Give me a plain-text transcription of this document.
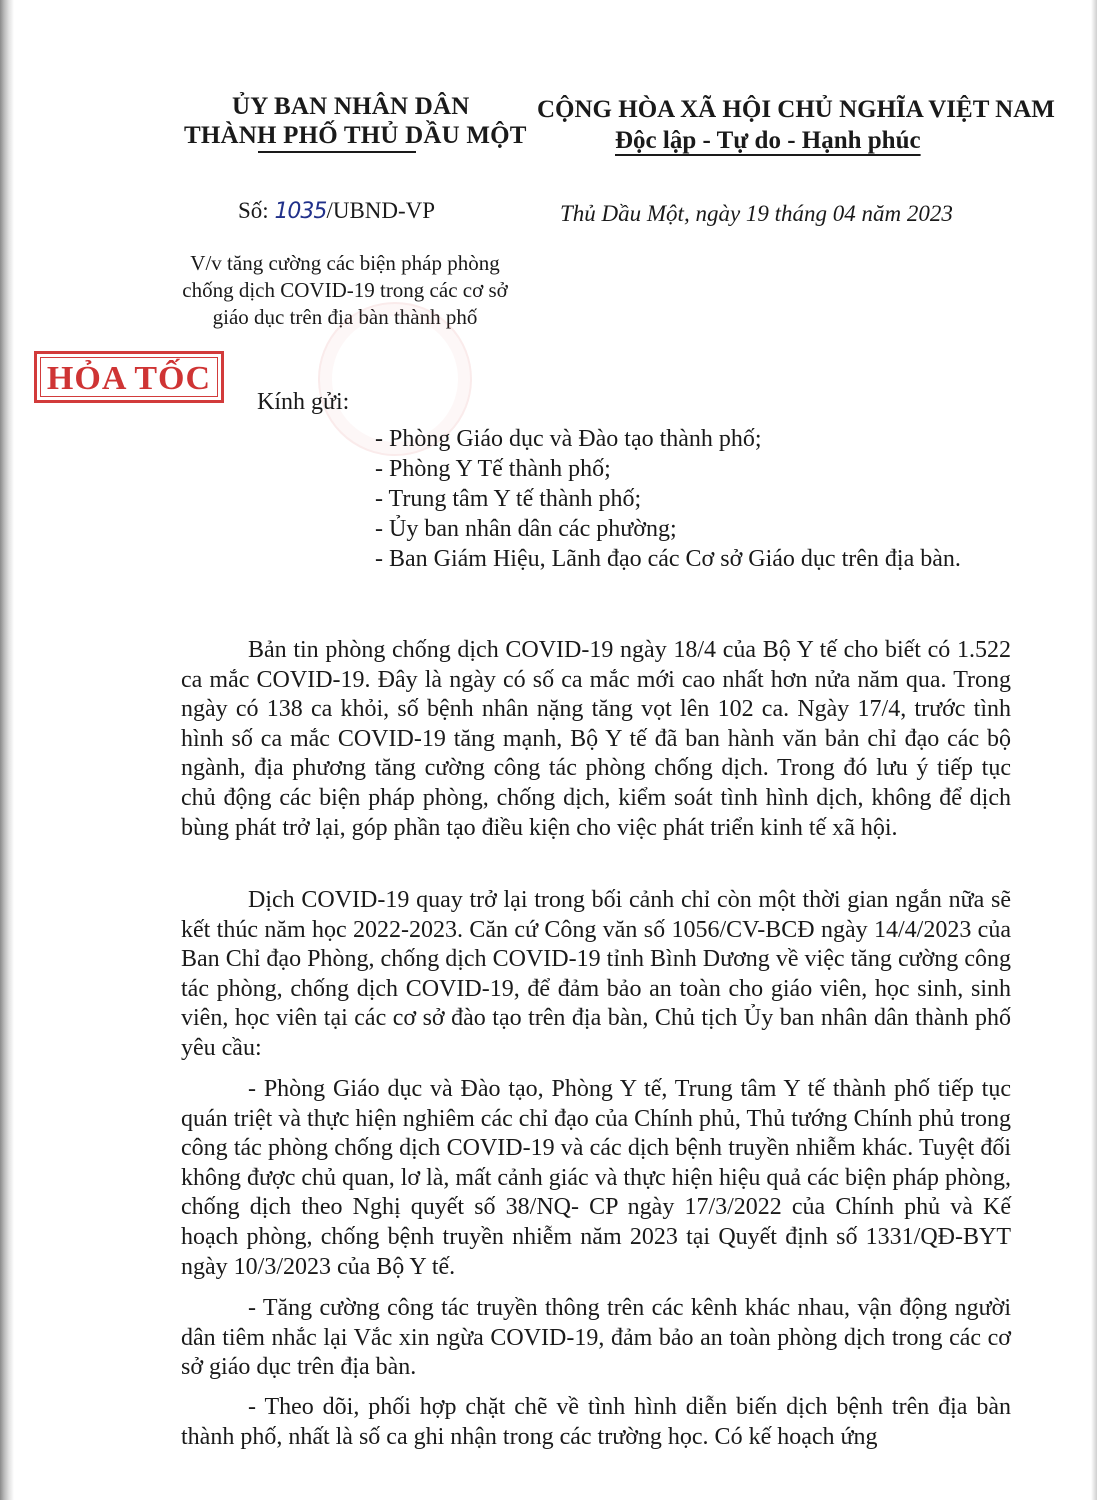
ỦY BAN NHÂN DÂN
THÀNH PHỐ THỦ DẦU MỘT
CỘNG HÒA XÃ HỘI CHỦ NGHĨA VIỆT NAM
Độc lập - Tự do - Hạnh phúc
Số: 1035/UBND-VP	Thủ Dầu Một, ngày 19 tháng 04 năm 2023
V/v tăng cường các biện pháp phòng
chống dịch COVID-19 trong các cơ sở
giáo dục trên địa bàn thành phố
HỎA TỐC
Kính gửi:
- Phòng Giáo dục và Đào tạo thành phố;
- Phòng Y Tế thành phố;
- Trung tâm Y tế thành phố;
- Ủy ban nhân dân các phường;
- Ban Giám Hiệu, Lãnh đạo các Cơ sở Giáo dục trên địa bàn.

Bản tin phòng chống dịch COVID-19 ngày 18/4 của Bộ Y tế cho biết có 1.522 ca mắc COVID-19. Đây là ngày có số ca mắc mới cao nhất hơn nửa năm qua. Trong ngày có 138 ca khỏi, số bệnh nhân nặng tăng vọt lên 102 ca. Ngày 17/4, trước tình hình số ca mắc COVID-19 tăng mạnh, Bộ Y tế đã ban hành văn bản chỉ đạo các bộ ngành, địa phương tăng cường công tác phòng chống dịch. Trong đó lưu ý tiếp tục chủ động các biện pháp phòng, chống dịch, kiểm soát tình hình dịch, không để dịch bùng phát trở lại, góp phần tạo điều kiện cho việc phát triển kinh tế xã hội.

Dịch COVID-19 quay trở lại trong bối cảnh chỉ còn một thời gian ngắn nữa sẽ kết thúc năm học 2022-2023. Căn cứ Công văn số 1056/CV-BCĐ ngày 14/4/2023 của Ban Chỉ đạo Phòng, chống dịch COVID-19 tỉnh Bình Dương về việc tăng cường công tác phòng, chống dịch COVID-19, để đảm bảo an toàn cho giáo viên, học sinh, sinh viên, học viên tại các cơ sở đào tạo trên địa bàn, Chủ tịch Ủy ban nhân dân thành phố yêu cầu:

- Phòng Giáo dục và Đào tạo, Phòng Y tế, Trung tâm Y tế thành phố tiếp tục quán triệt và thực hiện nghiêm các chỉ đạo của Chính phủ, Thủ tướng Chính phủ trong công tác phòng chống dịch COVID-19 và các dịch bệnh truyền nhiễm khác. Tuyệt đối không được chủ quan, lơ là, mất cảnh giác và thực hiện hiệu quả các biện pháp phòng, chống dịch theo Nghị quyết số 38/NQ- CP ngày 17/3/2022 của Chính phủ và Kế hoạch phòng, chống bệnh truyền nhiễm năm 2023 tại Quyết định số 1331/QĐ-BYT ngày 10/3/2023 của Bộ Y tế.

- Tăng cường công tác truyền thông trên các kênh khác nhau, vận động người dân tiêm nhắc lại Vắc xin ngừa COVID-19, đảm bảo an toàn phòng dịch trong các cơ sở giáo dục trên địa bàn.

- Theo dõi, phối hợp chặt chẽ về tình hình diễn biến dịch bệnh trên địa bàn thành phố, nhất là số ca ghi nhận trong các trường học. Có kế hoạch ứng
